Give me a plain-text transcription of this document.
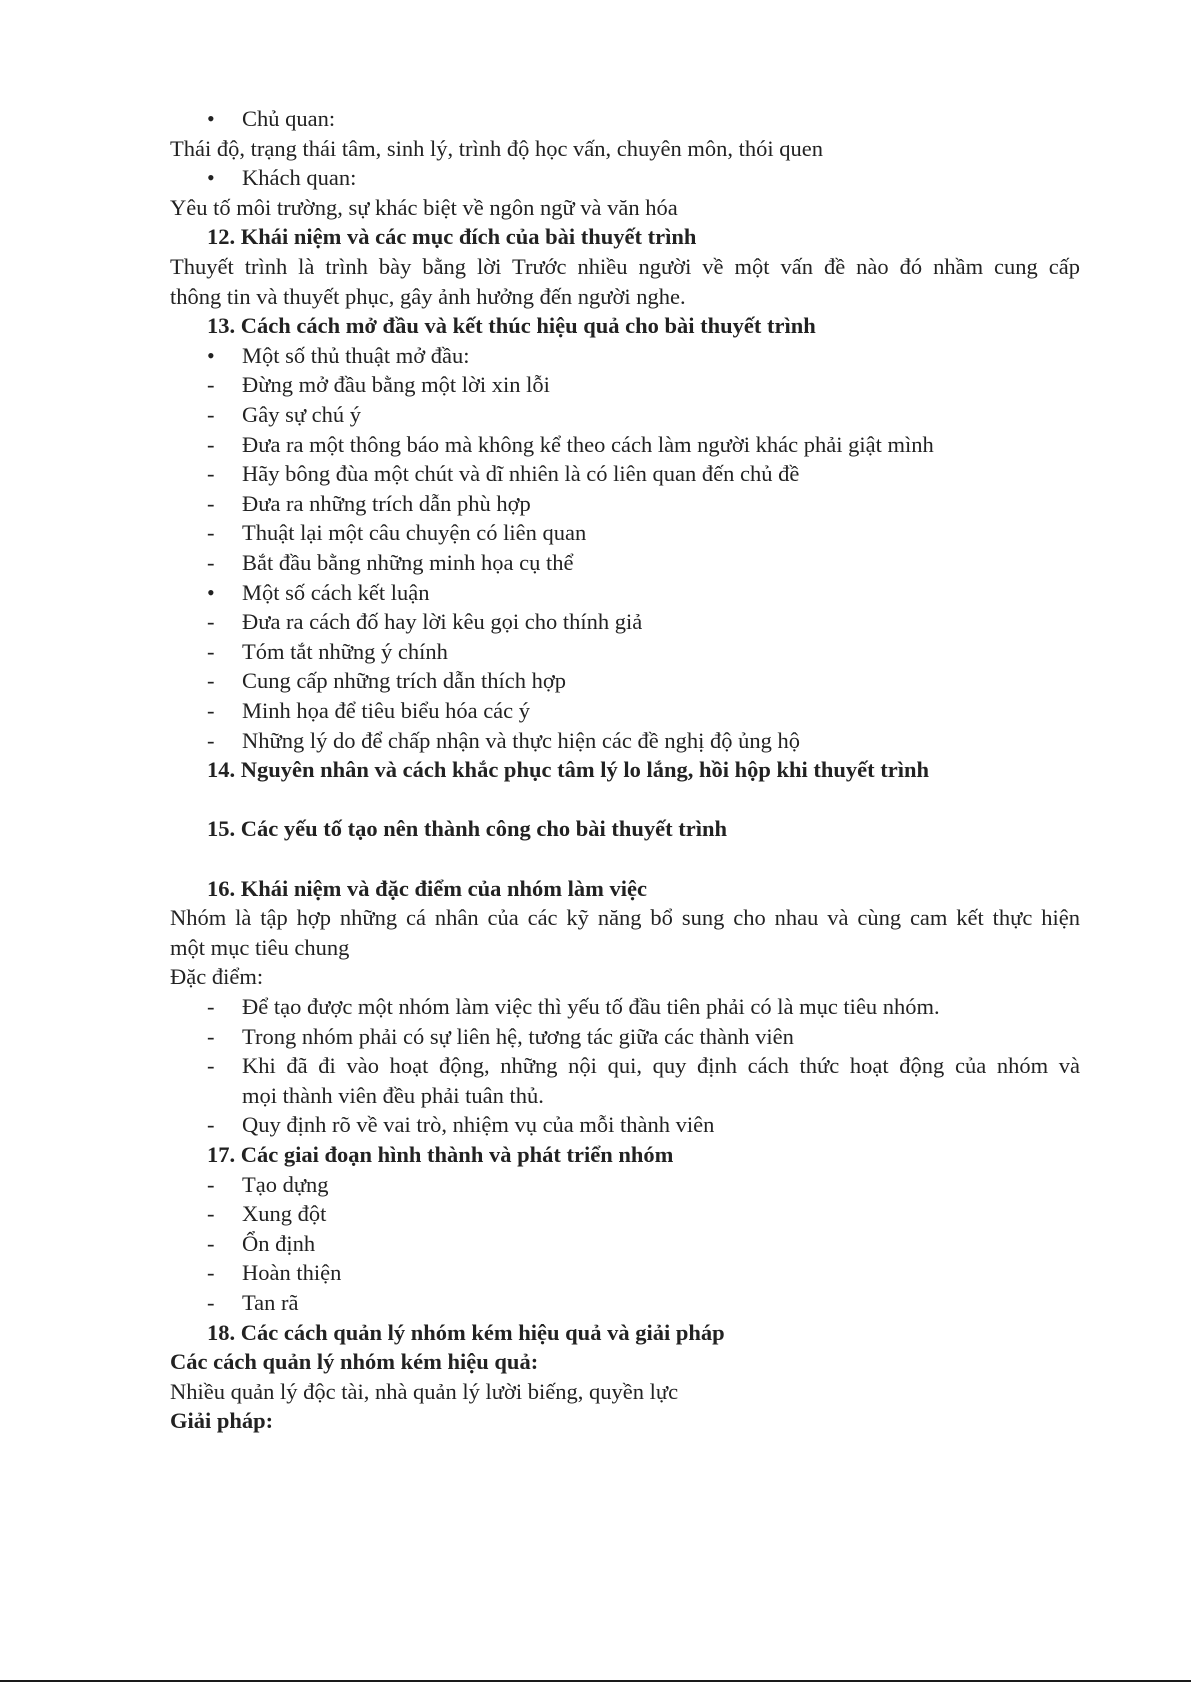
•	Chủ quan:
Thái độ, trạng thái tâm, sinh lý, trình độ học vấn, chuyên môn, thói quen
•	Khách quan:
Yêu tố môi trường, sự khác biệt về ngôn ngữ và văn hóa
12. Khái niệm và các mục đích của bài thuyết trình
Thuyết trình là trình bày bằng lời Trước nhiều người về một vấn đề nào đó nhầm cung cấp
thông tin và thuyết phục, gây ảnh hưởng đến người nghe.
13. Cách cách mở đầu và kết thúc hiệu quả cho bài thuyết trình
•	Một số thủ thuật mở đầu:
-	Đừng mở đầu bằng một lời xin lỗi
-	Gây sự chú ý
-	Đưa ra một thông báo mà không kể theo cách làm người khác phải giật mình
-	Hãy bông đùa một chút và dĩ nhiên là có liên quan đến chủ đề
-	Đưa ra những trích dẫn phù hợp
-	Thuật lại một câu chuyện có liên quan
-	Bắt đầu bằng những minh họa cụ thể
•	Một số cách kết luận
-	Đưa ra cách đố hay lời kêu gọi cho thính giả
-	Tóm tắt những ý chính
-	Cung cấp những trích dẫn thích hợp
-	Minh họa để tiêu biểu hóa các ý
-	Những lý do để chấp nhận và thực hiện các đề nghị độ ủng hộ
14. Nguyên nhân và cách khắc phục tâm lý lo lắng, hồi hộp khi thuyết trình
15. Các yếu tố tạo nên thành công cho bài thuyết trình
16. Khái niệm và đặc điểm của nhóm làm việc
Nhóm là tập hợp những cá nhân của các kỹ năng bổ sung cho nhau và cùng cam kết thực hiện
một mục tiêu chung
Đặc điểm:
-	Để tạo được một nhóm làm việc thì yếu tố đầu tiên phải có là mục tiêu nhóm.
-	Trong nhóm phải có sự liên hệ, tương tác giữa các thành viên
-	Khi đã đi vào hoạt động, những nội qui, quy định cách thức hoạt động của nhóm và
mọi thành viên đều phải tuân thủ.
-	Quy định rõ về vai trò, nhiệm vụ của mỗi thành viên
17. Các giai đoạn hình thành và phát triển nhóm
-	Tạo dựng
-	Xung đột
-	Ổn định
-	Hoàn thiện
-	Tan rã
18. Các cách quản lý nhóm kém hiệu quả và giải pháp
Các cách quản lý nhóm kém hiệu quả:
Nhiều quản lý độc tài, nhà quản lý lười biếng, quyền lực
Giải pháp:
